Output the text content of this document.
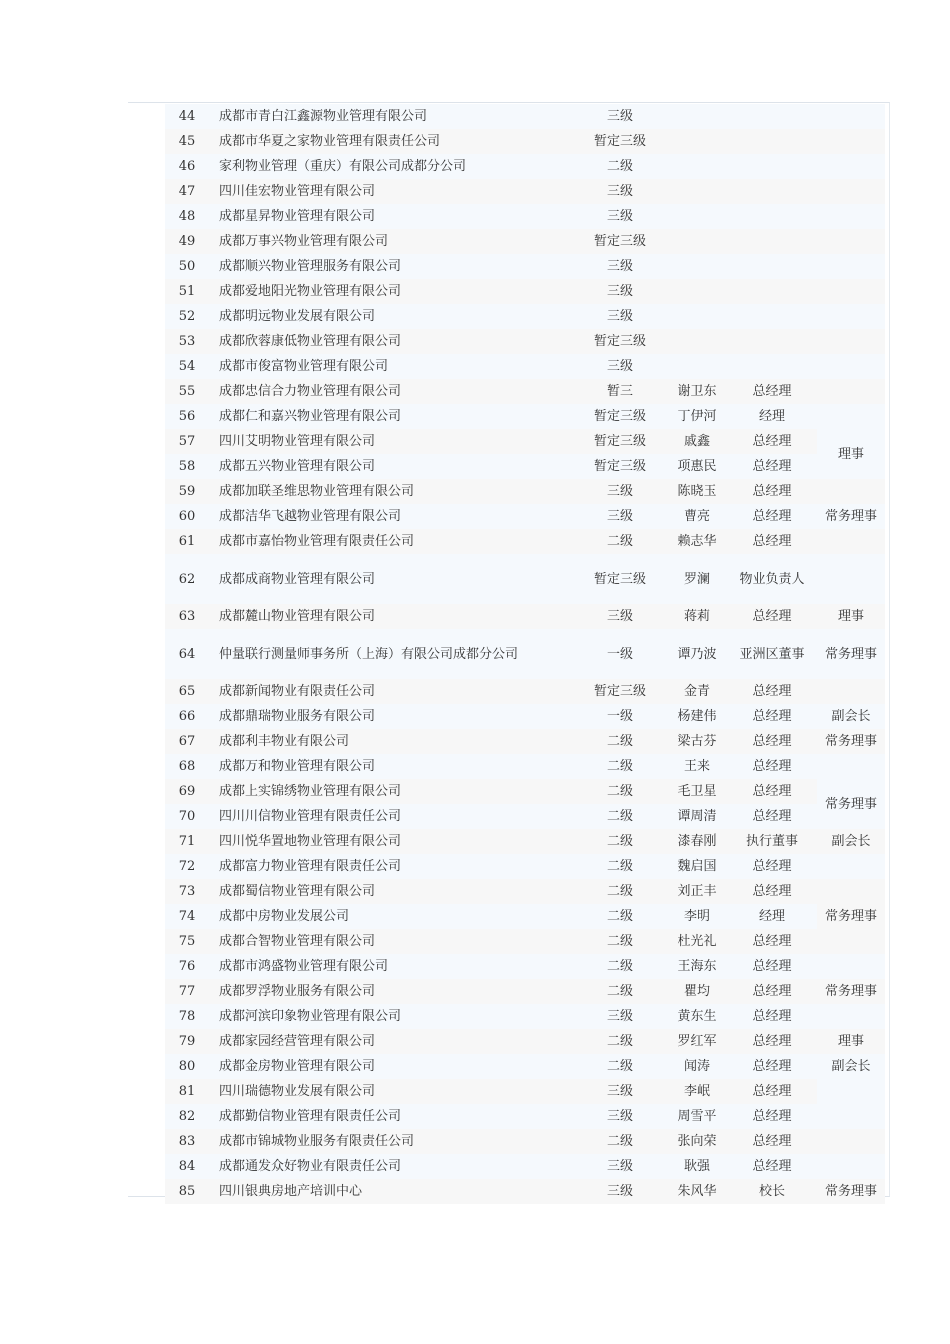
44	成都市青白江鑫源物业管理有限公司	三级			
45	成都市华夏之家物业管理有限责任公司	暂定三级			
46	家利物业管理（重庆）有限公司成都分公司	二级			
47	四川佳宏物业管理有限公司	三级			
48	成都星昇物业管理有限公司	三级			
49	成都万事兴物业管理有限公司	暂定三级			
50	成都顺兴物业管理服务有限公司	三级			
51	成都爱地阳光物业管理有限公司	三级			
52	成都明远物业发展有限公司	三级			
53	成都欣蓉康低物业管理有限公司	暂定三级			
54	成都市俊富物业管理有限公司	三级			
55	成都忠信合力物业管理有限公司	暂三	谢卫东	总经理	
56	成都仁和嘉兴物业管理有限公司	暂定三级	丁伊河	经理	
57	四川艾明物业管理有限公司	暂定三级	戚鑫	总经理	理事
58	成都五兴物业管理有限公司	暂定三级	项惠民	总经理	
59	成都加联圣维思物业管理有限公司	三级	陈晓玉	总经理	
60	成都洁华飞越物业管理有限公司	三级	曹亮	总经理	常务理事
61	成都市嘉怡物业管理有限责任公司	二级	赖志华	总经理	
62	成都成商物业管理有限公司	暂定三级	罗澜	物业负责人	
63	成都麓山物业管理有限公司	三级	蒋莉	总经理	理事
64	仲量联行测量师事务所（上海）有限公司成都分公司	一级	谭乃波	亚洲区董事	常务理事
65	成都新闻物业有限责任公司	暂定三级	金青	总经理	
66	成都鼎瑞物业服务有限公司	一级	杨建伟	总经理	副会长
67	成都利丰物业有限公司	二级	梁古芬	总经理	常务理事
68	成都万和物业管理有限公司	二级	王来	总经理	
69	成都上实锦绣物业管理有限公司	二级	毛卫星	总经理	常务理事
70	四川川信物业管理有限责任公司	二级	谭周清	总经理	
71	四川悦华置地物业管理有限公司	二级	漆春刚	执行董事	副会长
72	成都富力物业管理有限责任公司	二级	魏启国	总经理	
73	成都蜀信物业管理有限公司	二级	刘正丰	总经理	常务理事
74	成都中房物业发展公司	二级	李明	经理	
75	成都合智物业管理有限公司	二级	杜光礼	总经理	
76	成都市鸿盛物业管理有限公司	二级	王海东	总经理	
77	成都罗浮物业服务有限公司	二级	瞿均	总经理	常务理事
78	成都河滨印象物业管理有限公司	三级	黄东生	总经理	
79	成都家园经营管理有限公司	二级	罗红军	总经理	理事
80	成都金房物业管理有限公司	二级	闻涛	总经理	副会长
81	四川瑞德物业发展有限公司	三级	李岷	总经理	
82	成都勤信物业管理有限责任公司	三级	周雪平	总经理	
83	成都市锦城物业服务有限责任公司	二级	张向荣	总经理	
84	成都通发众好物业有限责任公司	三级	耿强	总经理	
85	四川银典房地产培训中心	三级	朱风华	校长	常务理事
